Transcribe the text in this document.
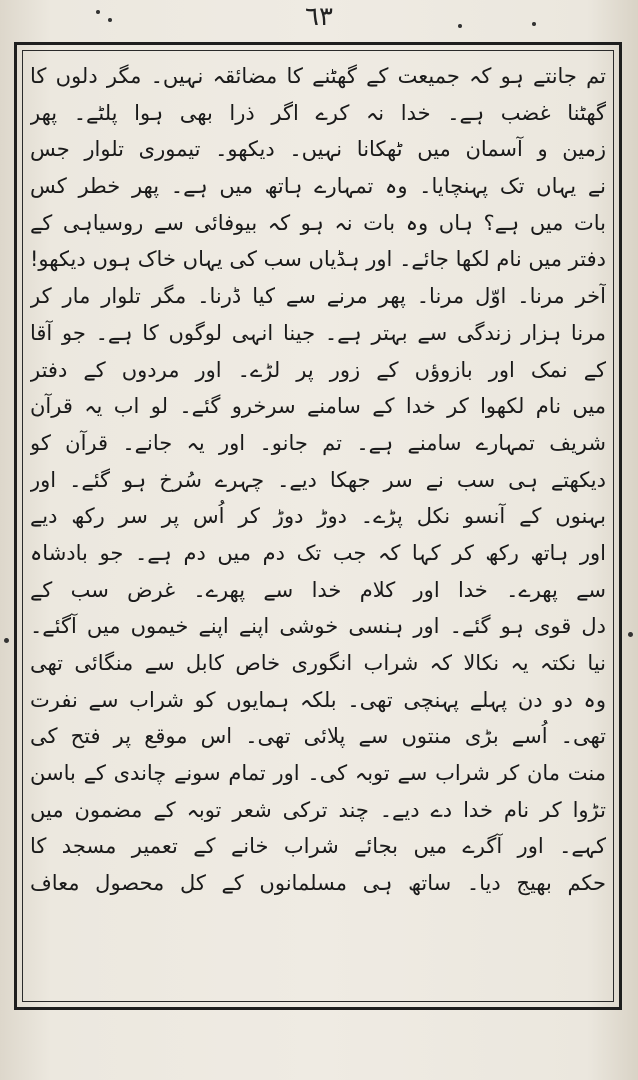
٦٣
تم جانتے ہو کہ جمیعت کے گھٹنے کا مضائقہ نہیں۔ مگر دلوں کا
گھٹنا غضب ہے۔ خدا نہ کرے اگر ذرا بھی ہوا پلٹے۔ پھر
زمین و آسمان میں ٹھکانا نہیں۔ دیکھو۔ تیموری تلوار جس
نے یہاں تک پہنچایا۔ وہ تمہارے ہاتھ میں ہے۔ پھر خطر کس
بات میں ہے؟ ہاں وہ بات نہ ہو کہ بیوفائی سے روسیاہی کے
دفتر میں نام لکھا جائے۔ اور ہڈیاں سب کی یہاں خاک ہوں دیکھو!
آخر مرنا۔ اوّل مرنا۔ پھر مرنے سے کیا ڈرنا۔ مگر تلوار مار کر
مرنا ہزار زندگی سے بہتر ہے۔ جینا انہی لوگوں کا ہے۔ جو آقا
کے نمک اور بازوؤں کے زور پر لڑے۔ اور مردوں کے دفتر
میں نام لکھوا کر خدا کے سامنے سرخرو گئے۔ لو اب یہ قرآن
شریف تمہارے سامنے ہے۔ تم جانو۔ اور یہ جانے۔ قرآن کو
دیکھتے ہی سب نے سر جھکا دیے۔ چہرے سُرخ ہو گئے۔ اور
بہنوں کے آنسو نکل پڑے۔ دوڑ دوڑ کر اُس پر سر رکھ دیے
اور ہاتھ رکھ کر کہا کہ جب تک دم میں دم ہے۔ جو بادشاہ
سے پھرے۔ خدا اور کلام خدا سے پھرے۔ غرض سب کے
دل قوی ہو گئے۔ اور ہنسی خوشی اپنے اپنے خیموں میں آگئے۔
نیا نکتہ یہ نکالا کہ شراب انگوری خاص کابل سے منگائی تھی
وہ دو دن پہلے پہنچی تھی۔ بلکہ ہمایوں کو شراب سے نفرت
تھی۔ اُسے بڑی منتوں سے پلائی تھی۔ اس موقع پر فتح کی
منت مان کر شراب سے توبہ کی۔ اور تمام سونے چاندی کے باسن
تڑوا کر نام خدا دے دیے۔ چند ترکی شعر توبہ کے مضمون میں
کہے۔ اور آگرے میں بجائے شراب خانے کے تعمیر مسجد کا
حکم بھیج دیا۔ ساتھ ہی مسلمانوں کے کل محصول معاف
